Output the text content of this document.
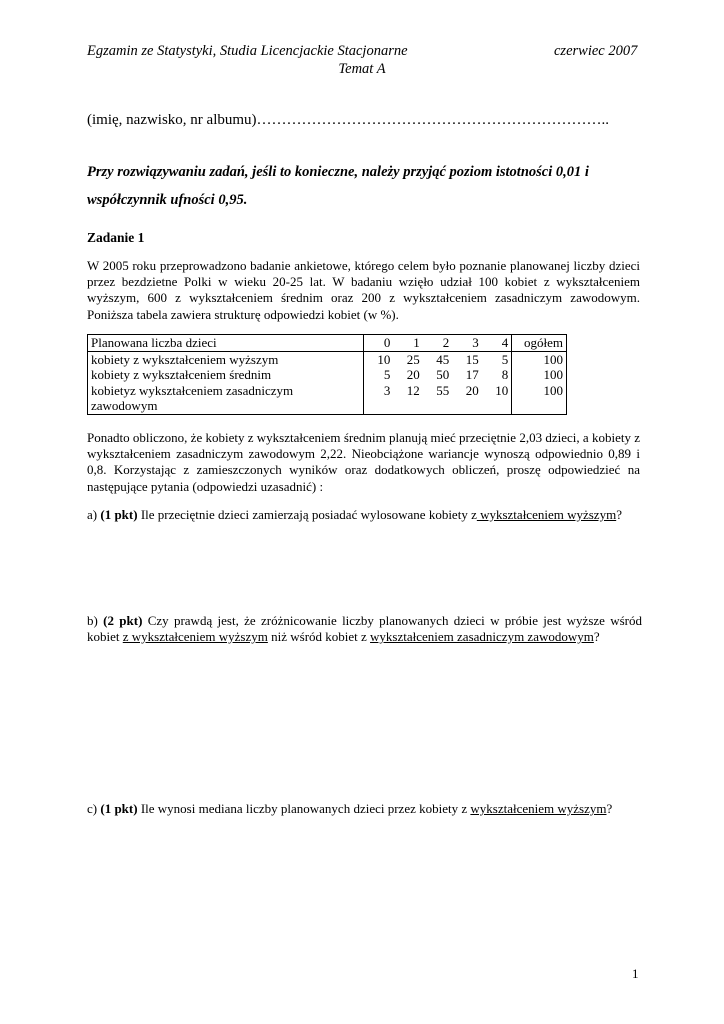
Egzamin ze Statystyki, Studia Licencjackie Stacjonarne	czerwiec 2007
Temat A
(imię, nazwisko, nr albumu)……………………………………………………………..
Przy rozwiązywaniu zadań, jeśli to konieczne, należy przyjąć poziom istotności 0,01 i współczynnik ufności 0,95.
Zadanie 1
W 2005 roku przeprowadzono badanie ankietowe, którego celem było poznanie planowanej liczby dzieci przez bezdzietne Polki w wieku 20-25 lat. W badaniu wzięło udział 100 kobiet z wykształceniem wyższym, 600 z wykształceniem średnim oraz 200 z wykształceniem zasadniczym zawodowym. Poniższa tabela zawiera strukturę odpowiedzi kobiet (w %).
Planowana liczba dzieci	0	1	2	3	4	ogółem
kobiety z wykształceniem wyższym	10	25	45	15	5	100
kobiety z wykształceniem średnim	5	20	50	17	8	100
kobietyz wykształceniem zasadniczym zawodowym	3	12	55	20	10	100
Ponadto obliczono, że kobiety z wykształceniem średnim planują mieć przeciętnie 2,03 dzieci, a kobiety z wykształceniem zasadniczym zawodowym 2,22. Nieobciążone wariancje wynoszą odpowiednio 0,89 i 0,8. Korzystając z zamieszczonych wyników oraz dodatkowych obliczeń, proszę odpowiedzieć na następujące pytania (odpowiedzi uzasadnić) :
a) (1 pkt) Ile przeciętnie dzieci zamierzają posiadać wylosowane kobiety z wykształceniem wyższym?
b) (2 pkt) Czy prawdą jest, że zróżnicowanie liczby planowanych dzieci w próbie jest wyższe wśród kobiet z wykształceniem wyższym niż wśród kobiet z wykształceniem zasadniczym zawodowym?
c) (1 pkt) Ile wynosi mediana liczby planowanych dzieci przez kobiety z wykształceniem wyższym?
1
